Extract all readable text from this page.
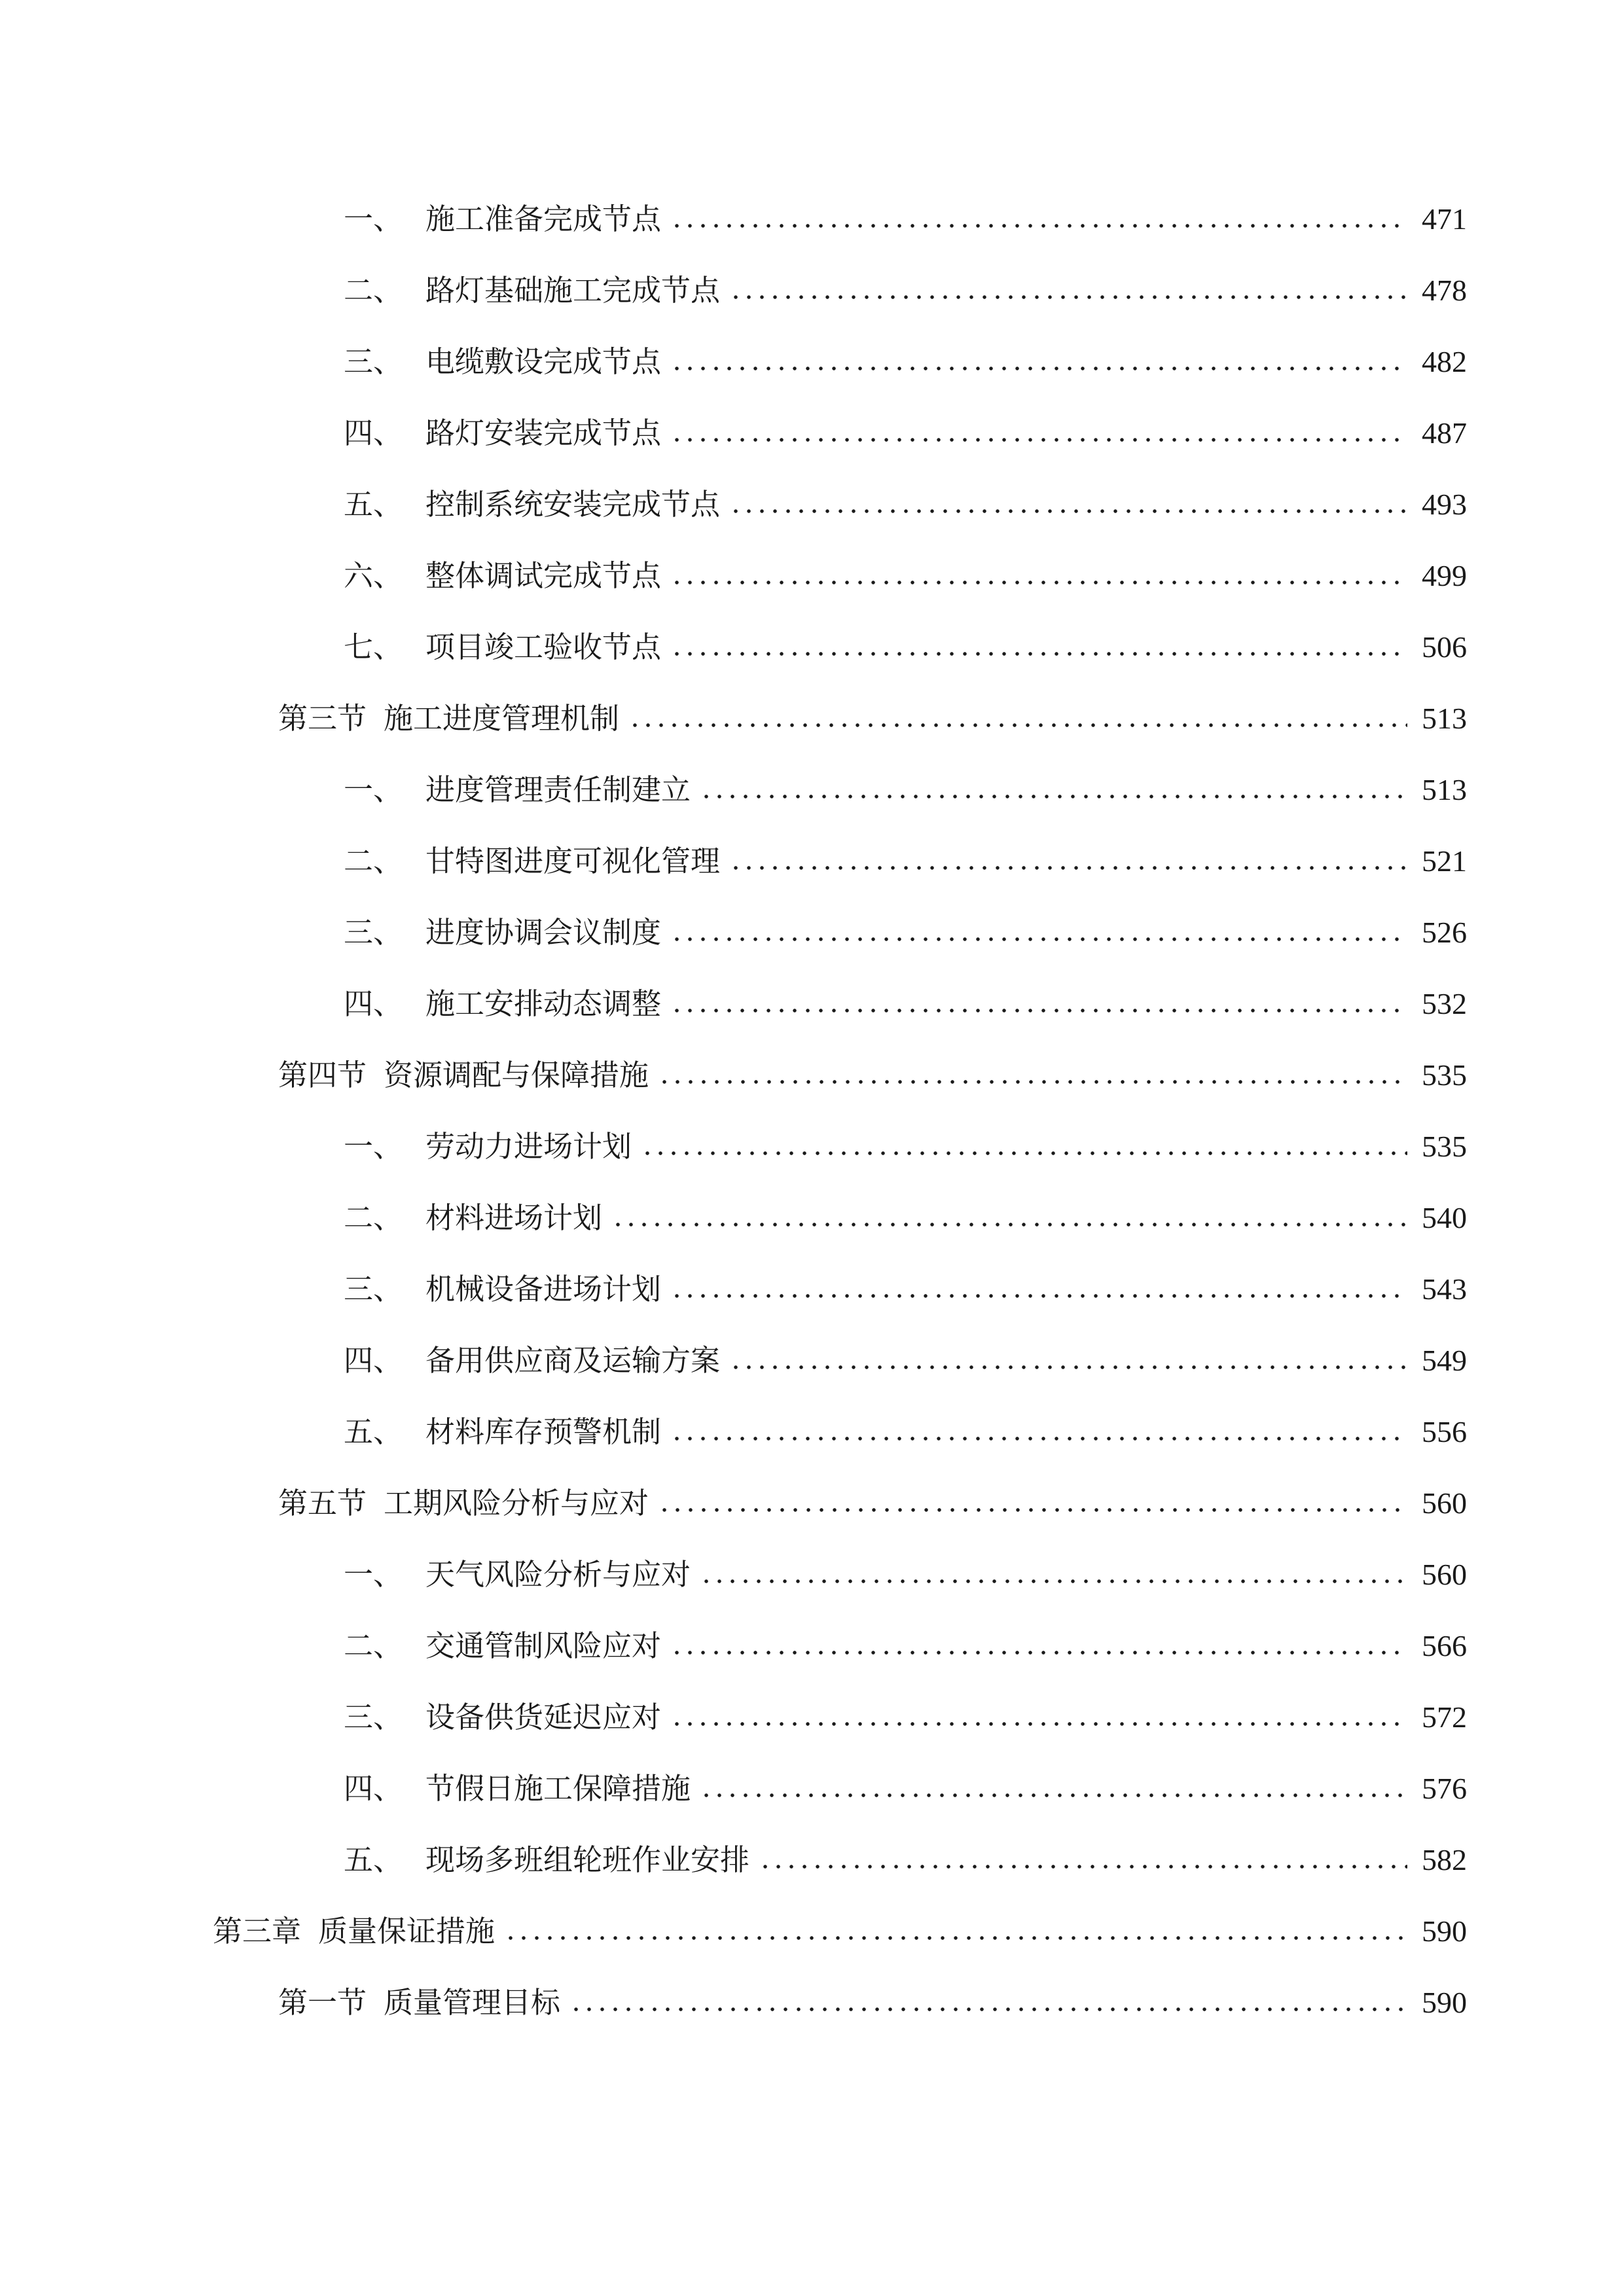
一、 施工准备完成节点	471
二、 路灯基础施工完成节点	478
三、 电缆敷设完成节点	482
四、 路灯安装完成节点	487
五、 控制系统安装完成节点	493
六、 整体调试完成节点	499
七、 项目竣工验收节点	506
第三节 施工进度管理机制	513
一、 进度管理责任制建立	513
二、 甘特图进度可视化管理	521
三、 进度协调会议制度	526
四、 施工安排动态调整	532
第四节 资源调配与保障措施	535
一、 劳动力进场计划	535
二、 材料进场计划	540
三、 机械设备进场计划	543
四、 备用供应商及运输方案	549
五、 材料库存预警机制	556
第五节 工期风险分析与应对	560
一、 天气风险分析与应对	560
二、 交通管制风险应对	566
三、 设备供货延迟应对	572
四、 节假日施工保障措施	576
五、 现场多班组轮班作业安排	582
第三章 质量保证措施	590
第一节 质量管理目标	590
